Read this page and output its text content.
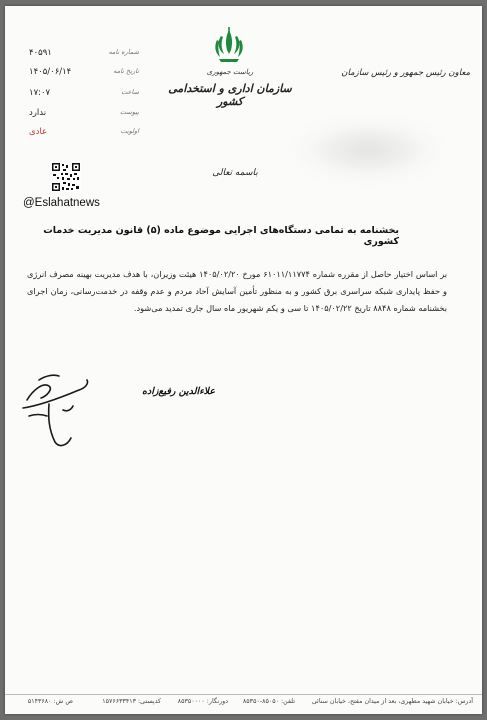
۴۰۵۹۱	شماره نامه
۱۴۰۵/۰۶/۱۴	تاریخ نامه
۱۷:۰۷	ساعت
ندارد	پیوست
عادی	اولویت
ریاست جمهوری
سازمان اداری و استخدامی کشور
معاون رئیس جمهور و رئیس سازمان
@Eslahatnews
باسمه تعالی
بخشنامه به تمامی دستگاه‌های اجرایی موضوع ماده (۵) قانون مدیریت خدمات کشوری
بر اساس اختیار حاصل از مقرره شماره ۶۱۰۱۱/۱۱۷۷۴ مورخ ۱۴۰۵/۰۲/۲۰ هیئت وزیران، با هدف مدیریت بهینه مصرف انرژی و حفظ پایداری شبکه سراسری برق کشور و به منظور تأمین آسایش آحاد مردم و عدم وقفه در خدمت‌رسانی، زمان اجرای بخشنامه شماره ۸۸۴۸ تاریخ ۱۴۰۵/۰۲/۲۲ تا سی و یکم شهریور ماه سال جاری تمدید می‌شود.
علاءالدین رفیع‌زاده
آدرس: خیابان شهید مطهری، بعد از میدان مفتح، خیابان سنائی
تلفن: ۸۵۰۵۰-۸۵۳۵۰
دورنگار: ۸۵۳۵۰۰۰۰
کدپستی: ۱۵۷۶۶۳۳۴۱۳
ص ش: ۵۱۴۳۶۸۰
